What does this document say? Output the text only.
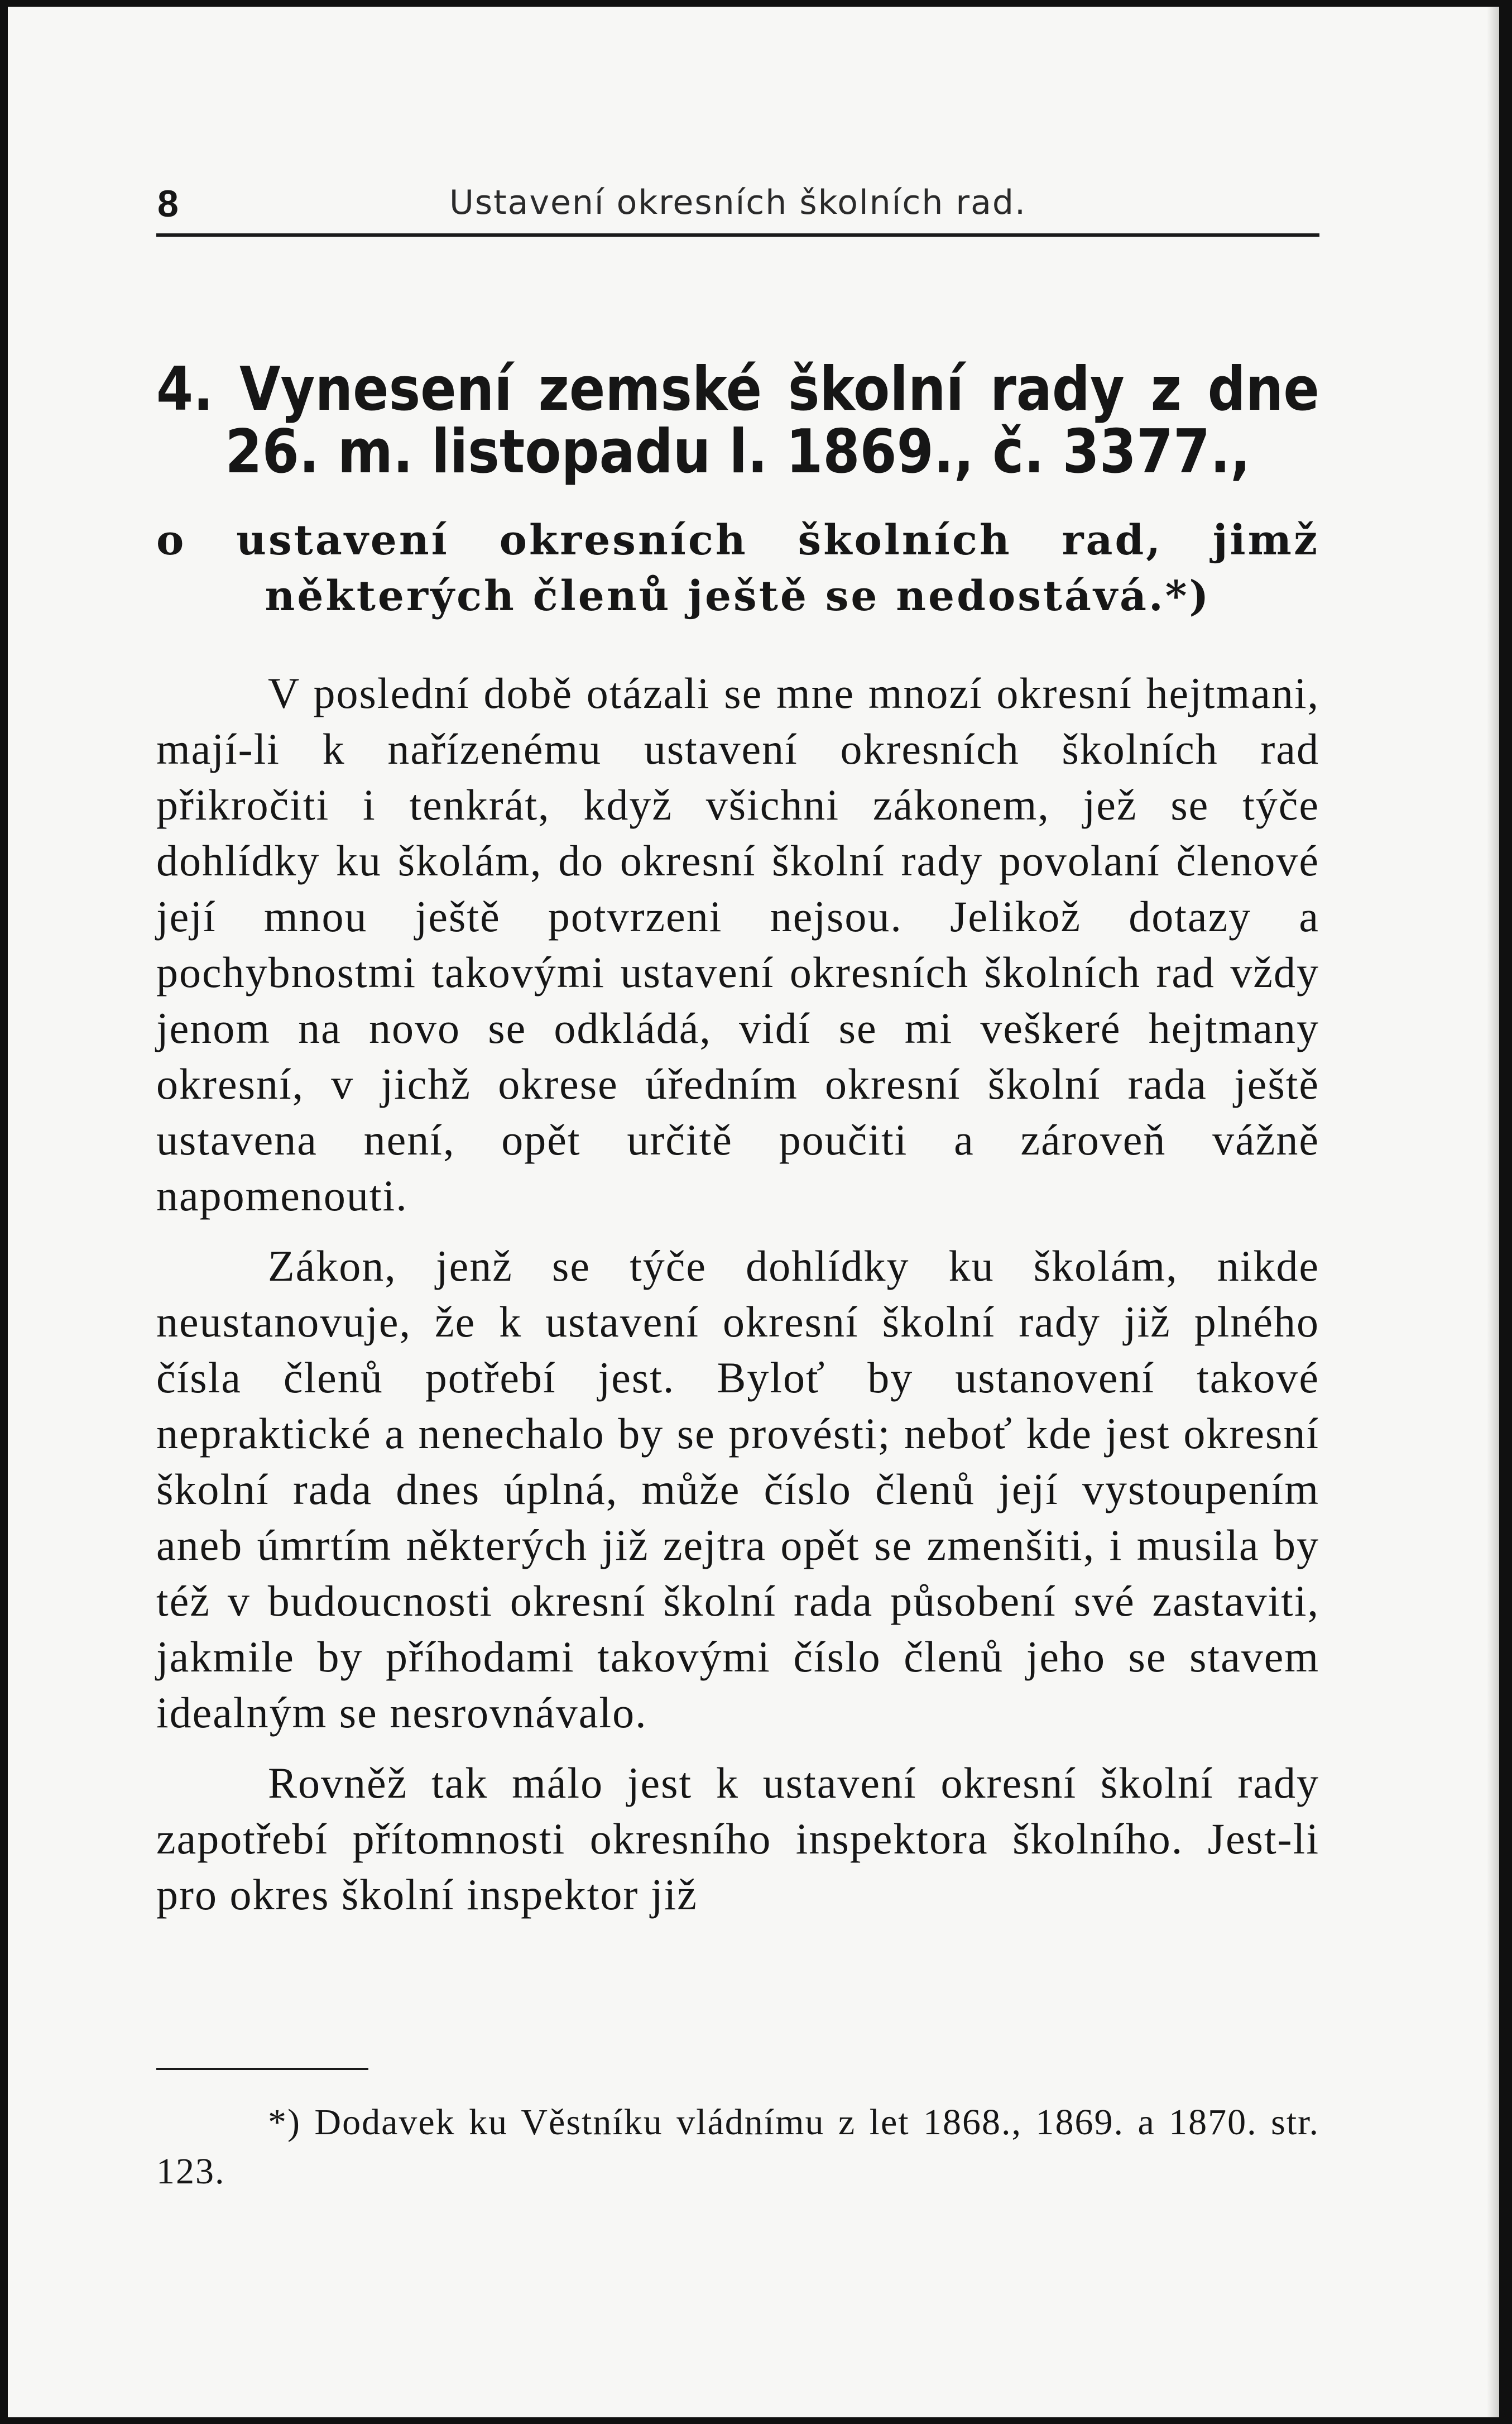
8	Ustavení okresních školních rad.
4. Vynesení zemské školní rady z dne 26. m. listopadu l. 1869., č. 3377.,
o ustavení okresních školních rad, jimž některých členů ještě se nedostává.*)

V poslední době otázali se mne mnozí okresní hejtmani, mají-li k nařízenému ustavení okresních školních rad přikročiti i tenkrát, když všichni zákonem, jež se týče dohlídky ku školám, do okresní školní rady povolaní členové její mnou ještě potvrzeni nejsou. Jelikož dotazy a pochybnostmi takovými ustavení okresních školních rad vždy jenom na novo se odkládá, vidí se mi veškeré hejtmany okresní, v jichž okrese úředním okresní školní rada ještě ustavena není, opět určitě poučiti a zároveň vážně napomenouti.

Zákon, jenž se týče dohlídky ku školám, nikde neustanovuje, že k ustavení okresní školní rady již plného čísla členů potřebí jest. Byloť by ustanovení takové nepraktické a nenechalo by se provésti; neboť kde jest okresní školní rada dnes úplná, může číslo členů její vystoupením aneb úmrtím některých již zejtra opět se zmenšiti, i musila by též v budoucnosti okresní školní rada působení své zastaviti, jakmile by příhodami takovými číslo členů jeho se stavem idealným se nesrovnávalo.

Rovněž tak málo jest k ustavení okresní školní rady zapotřebí přítomnosti okresního inspektora školního. Jest-li pro okres školní inspektor již

*) Dodavek ku Věstníku vládnímu z let 1868., 1869. a 1870. str. 123.
